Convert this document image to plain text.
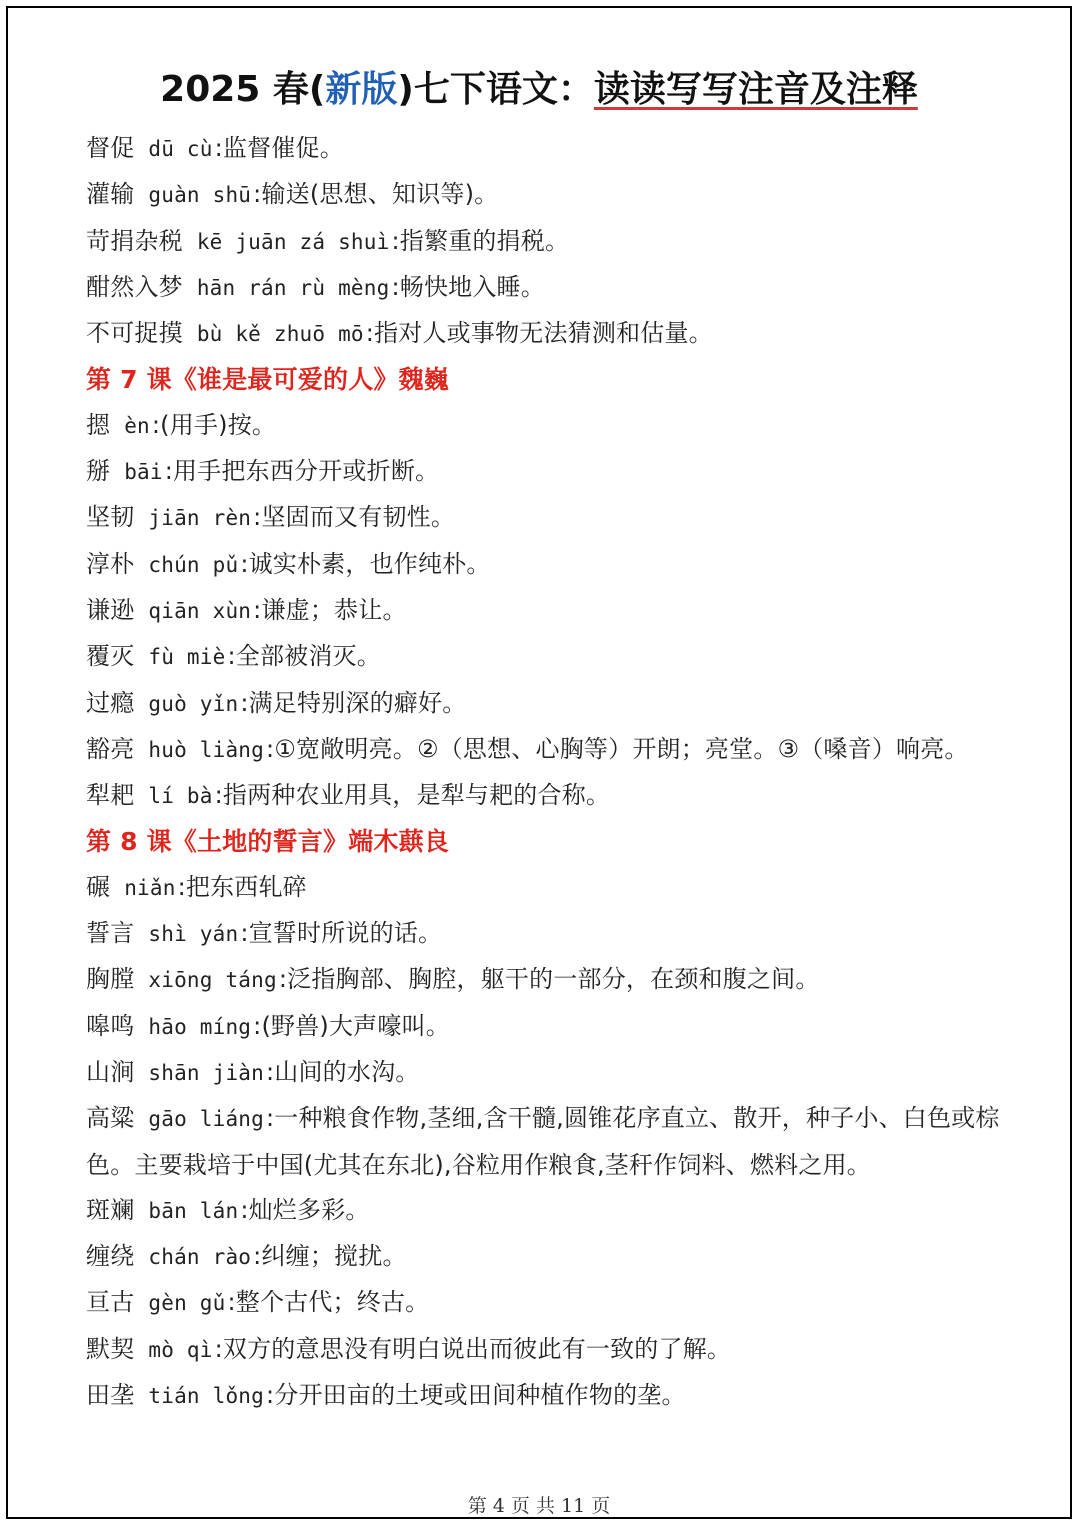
2025 春(新版)七下语文：读读写写注音及注释
督促 dū cù:监督催促。
灌输 guàn shū:输送(思想、知识等)。
苛捐杂税 kē juān zá shuì:指繁重的捐税。
酣然入梦 hān rán rù mèng:畅快地入睡。
不可捉摸 bù kě zhuō mō:指对人或事物无法猜测和估量。
第 7 课《谁是最可爱的人》魏巍
摁 èn:(用手)按。
掰 bāi:用手把东西分开或折断。
坚韧 jiān rèn:坚固而又有韧性。
淳朴 chún pǔ:诚实朴素，也作纯朴。
谦逊 qiān xùn:谦虚；恭让。
覆灭 fù miè:全部被消灭。
过瘾 guò yǐn:满足特别深的癖好。
豁亮 huò liàng:①宽敞明亮。②（思想、心胸等）开朗；亮堂。③（嗓音）响亮。
犁耙 lí bà:指两种农业用具，是犁与耙的合称。
第 8 课《土地的誓言》端木蕻良
碾 niǎn:把东西轧碎
誓言 shì yán:宣誓时所说的话。
胸膛 xiōng táng:泛指胸部、胸腔，躯干的一部分，在颈和腹之间。
嗥鸣 hāo míng:(野兽)大声嚎叫。
山涧 shān jiàn:山间的水沟。
高粱 gāo liáng:一种粮食作物,茎细,含干髓,圆锥花序直立、散开，种子小、白色或棕色。主要栽培于中国(尤其在东北),谷粒用作粮食,茎秆作饲料、燃料之用。
斑斓 bān lán:灿烂多彩。
缠绕 chán rào:纠缠；搅扰。
亘古 gèn gǔ:整个古代；终古。
默契 mò qì:双方的意思没有明白说出而彼此有一致的了解。
田垄 tián lǒng:分开田亩的土埂或田间种植作物的垄。
第 4 页 共 11 页
